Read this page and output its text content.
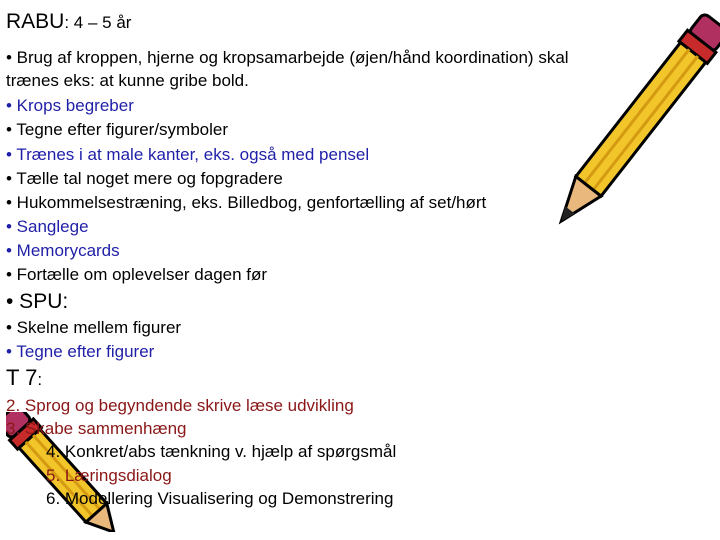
RABU: 4 – 5 år
• Brug af kroppen, hjerne og kropsamarbejde (øjen/hånd koordination) skal
trænes eks: at kunne gribe bold.
• Krops begreber
• Tegne efter figurer/symboler
• Trænes i at male kanter, eks. også med pensel
• Tælle tal noget mere og fopgradere
• Hukommelsestræning, eks. Billedbog, genfortælling af set/hørt
• Sanglege
• Memorycards
• Fortælle om oplevelser dagen før
• SPU:
• Skelne mellem figurer
• Tegne efter figurer
T 7:
2. Sprog og begyndende skrive læse udvikling
3. Skabe sammenhæng
4. Konkret/abs tænkning v. hjælp af spørgsmål
5. Læringsdialog
6. Modellering Visualisering og Demonstrering
